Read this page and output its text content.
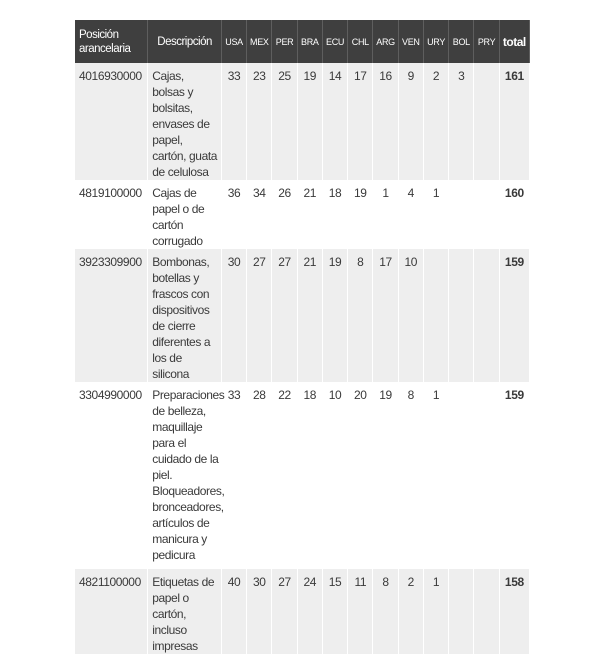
Posición arancelaria	Descripción	USA	MEX	PER	BRA	ECU	CHL	ARG	VEN	URY	BOL	PRY	total
4016930000	Cajas, bolsas y bolsitas, envases de papel, cartón, guata de celulosa	33	23	25	19	14	17	16	9	2	3		161
4819100000	Cajas de papel o de cartón corrugado	36	34	26	21	18	19	1	4	1			160
3923309900	Bombonas, botellas y frascos con dispositivos de cierre diferentes a los de silicona	30	27	27	21	19	8	17	10				159
3304990000	Preparaciones de belleza, maquillaje para el cuidado de la piel. Bloqueadores, bronceadores, artículos de manicura y pedicura	33	28	22	18	10	20	19	8	1			159
4821100000	Etiquetas de papel o cartón, incluso impresas	40	30	27	24	15	11	8	2	1			158
